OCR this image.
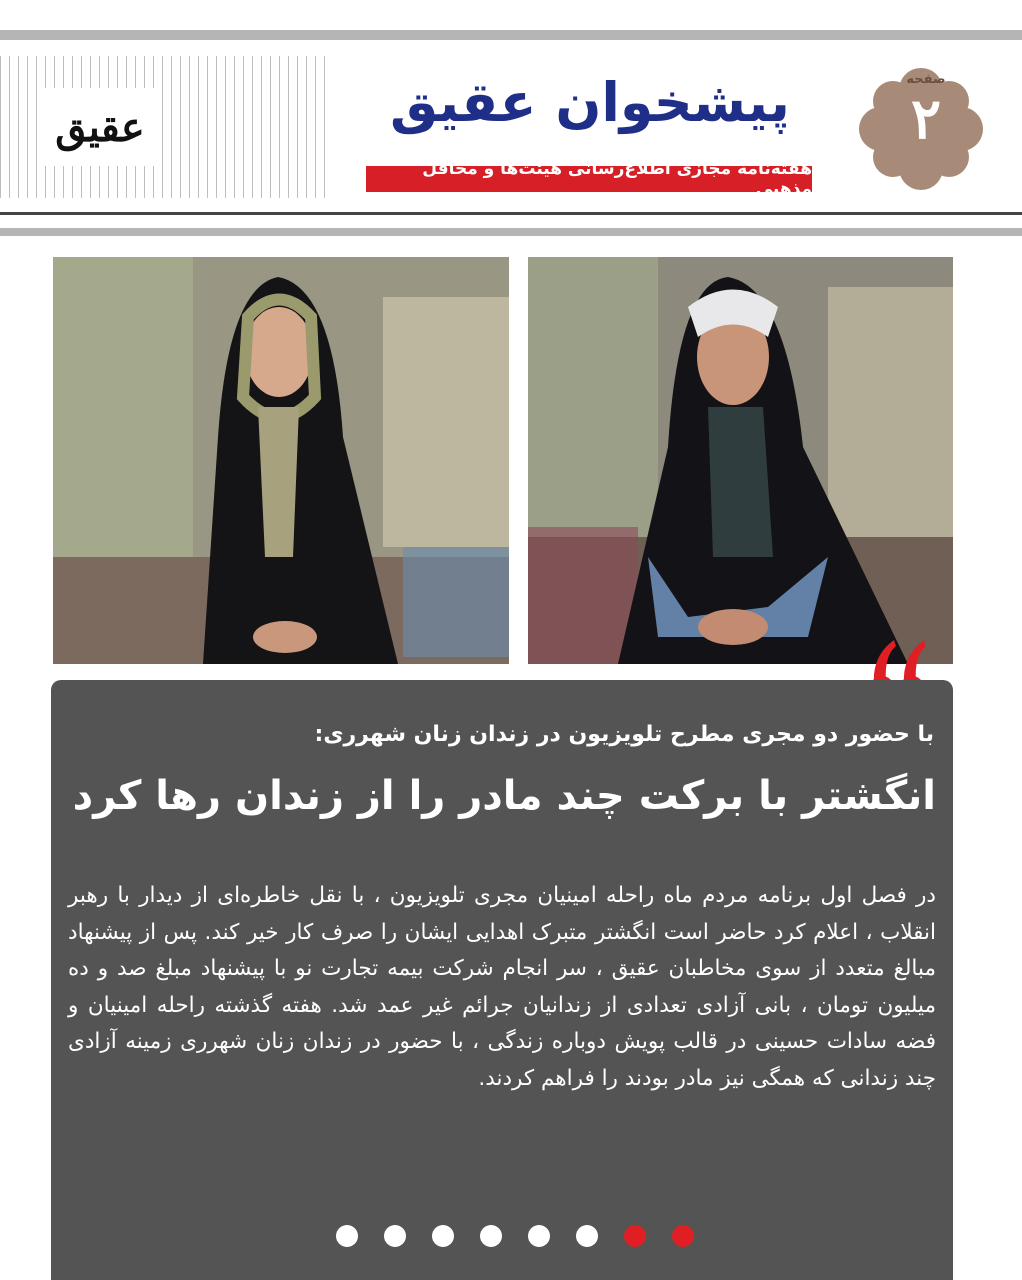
عقیق	پیشخوان عقیق
هفته‌نامه مجازی اطلاع‌رسانی هیئت‌ها و محافل مذهبی
صفحه
۲
با حضور دو مجری مطرح تلویزیون در زندان زنان شهرری:
انگشتر با برکت چند مادر را از زندان رها کرد
در فصل اول برنامه مردم ماه راحله امینیان مجری تلویزیون ، با نقل خاطره‌ای از دیدار با رهبر انقلاب ، اعلام کرد حاضر است انگشتر متبرک اهدایی ایشان را صرف کار خیر کند. پس از پیشنهاد مبالغ متعدد از سوی مخاطبان عقیق ، سر انجام شرکت بیمه تجارت نو با پیشنهاد مبلغ صد و ده میلیون تومان ، بانی آزادی تعدادی از زندانیان جرائم غیر عمد شد. هفته گذشته راحله امینیان و فضه سادات حسینی در قالب پویش دوباره زندگی ، با حضور در زندان زنان شهرری زمینه آزادی چند زندانی که همگی نیز مادر بودند را فراهم کردند.
